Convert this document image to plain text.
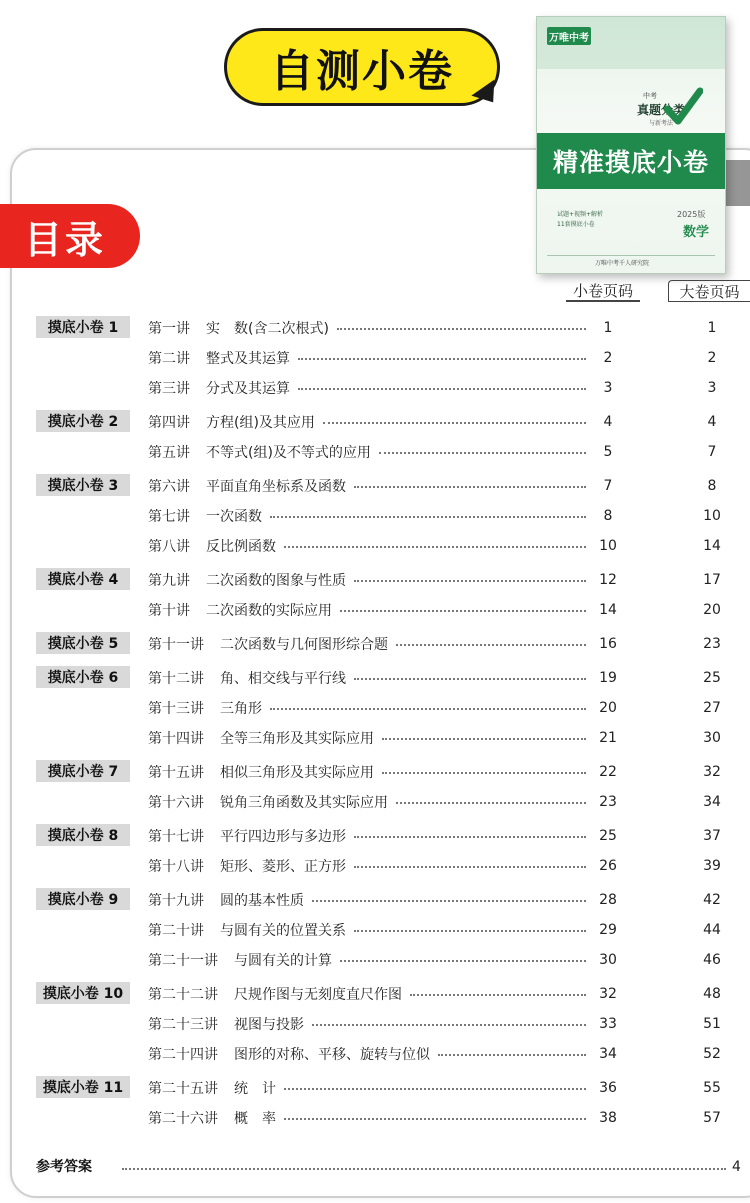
自测小卷
目录
万唯中考
中考
真题分类
与新考法
精准摸底小卷
试题+视频+解析
11套摸底小卷
2025版
数学
万唯中考千人研究院
小卷页码	大卷页码
摸底小卷 1	第一讲 实　数(含二次根式)	1	1
第二讲 整式及其运算	2	2
第三讲 分式及其运算	3	3
摸底小卷 2	第四讲 方程(组)及其应用	4	4
第五讲 不等式(组)及不等式的应用	5	7
摸底小卷 3	第六讲 平面直角坐标系及函数	7	8
第七讲 一次函数	8	10
第八讲 反比例函数	10	14
摸底小卷 4	第九讲 二次函数的图象与性质	12	17
第十讲 二次函数的实际应用	14	20
摸底小卷 5	第十一讲 二次函数与几何图形综合题	16	23
摸底小卷 6	第十二讲 角、相交线与平行线	19	25
第十三讲 三角形	20	27
第十四讲 全等三角形及其实际应用	21	30
摸底小卷 7	第十五讲 相似三角形及其实际应用	22	32
第十六讲 锐角三角函数及其实际应用	23	34
摸底小卷 8	第十七讲 平行四边形与多边形	25	37
第十八讲 矩形、菱形、正方形	26	39
摸底小卷 9	第十九讲 圆的基本性质	28	42
第二十讲 与圆有关的位置关系	29	44
第二十一讲 与圆有关的计算	30	46
摸底小卷 10	第二十二讲 尺规作图与无刻度直尺作图	32	48
第二十三讲 视图与投影	33	51
第二十四讲 图形的对称、平移、旋转与位似	34	52
摸底小卷 11	第二十五讲 统　计	36	55
第二十六讲 概　率	38	57
参考答案	4
